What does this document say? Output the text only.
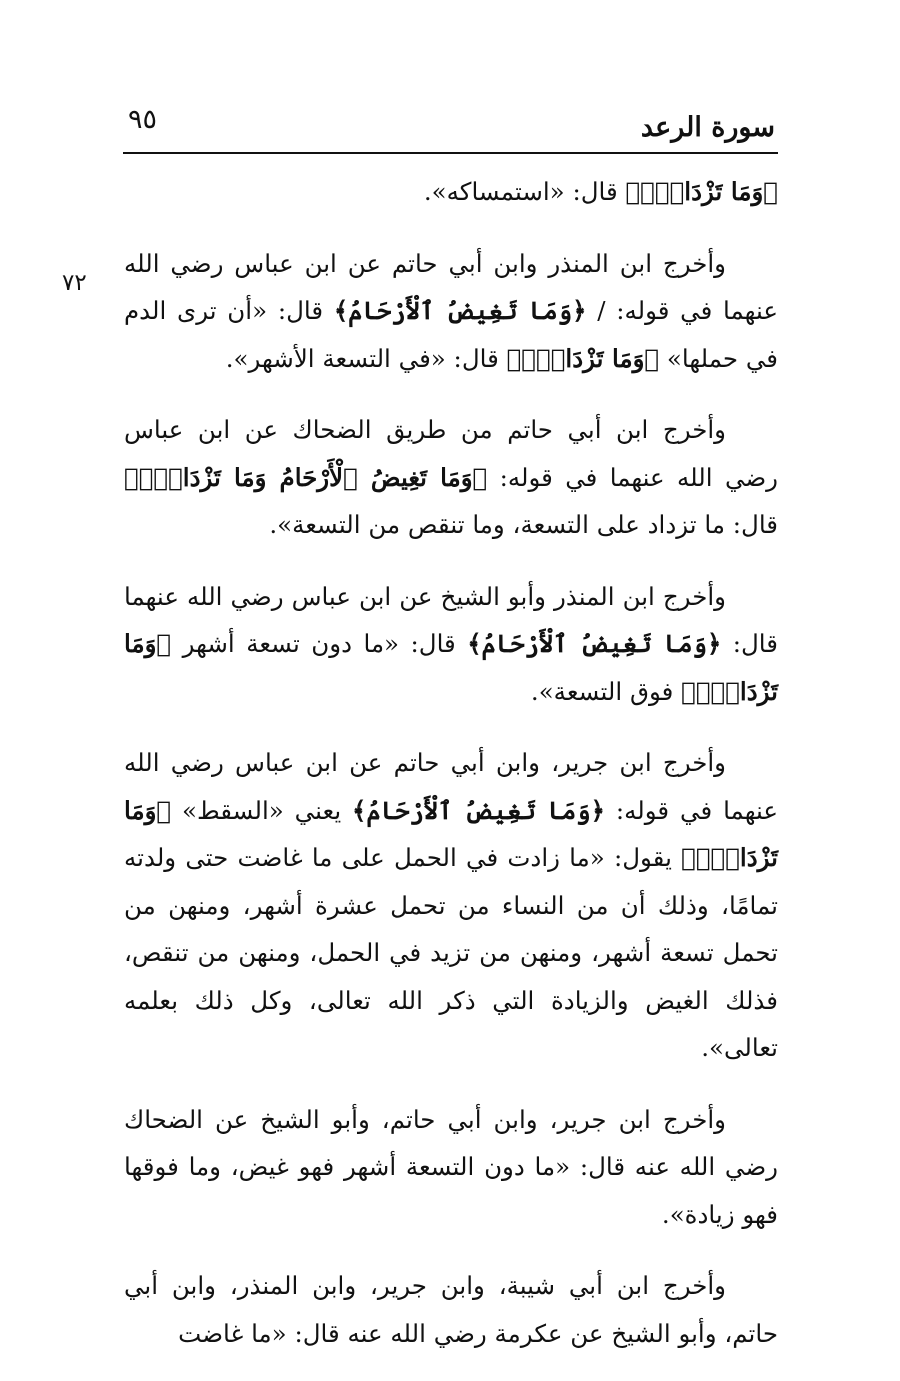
سورة الرعد
٩٥
٧٢

﴿وَمَا تَزْدَادُۚ﴾ قال: «استمساكه».

وأخرج ابن المنذر وابن أبي حاتم عن ابن عباس رضي الله عنهما في قوله: / ﴿وَمَا تَغِيضُ ٱلْأَرْحَامُ﴾ قال: «أن ترى الدم في حملها» ﴿وَمَا تَزْدَادُۚ﴾ قال: «في التسعة الأشهر».

وأخرج ابن أبي حاتم من طريق الضحاك عن ابن عباس رضي الله عنهما في قوله: ﴿وَمَا تَغِيضُ ٱلْأَرْحَامُ وَمَا تَزْدَادُۚ﴾ قال: ما تزداد على التسعة، وما تنقص من التسعة».

وأخرج ابن المنذر وأبو الشيخ عن ابن عباس رضي الله عنهما قال: ﴿وَمَا تَغِيضُ ٱلْأَرْحَامُ﴾ قال: «ما دون تسعة أشهر ﴿وَمَا تَزْدَادُۚ﴾ فوق التسعة».

وأخرج ابن جرير، وابن أبي حاتم عن ابن عباس رضي الله عنهما في قوله: ﴿وَمَا تَغِيضُ ٱلْأَرْحَامُ﴾ يعني «السقط» ﴿وَمَا تَزْدَادُۚ﴾ يقول: «ما زادت في الحمل على ما غاضت حتى ولدته تمامًا، وذلك أن من النساء من تحمل عشرة أشهر، ومنهن من تحمل تسعة أشهر، ومنهن من تزيد في الحمل، ومنهن من تنقص، فذلك الغيض والزيادة التي ذكر الله تعالى، وكل ذلك بعلمه تعالى».

وأخرج ابن جرير، وابن أبي حاتم، وأبو الشيخ عن الضحاك رضي الله عنه قال: «ما دون التسعة أشهر فهو غيض، وما فوقها فهو زيادة».

وأخرج ابن أبي شيبة، وابن جرير، وابن المنذر، وابن أبي حاتم، وأبو الشيخ عن عكرمة رضي الله عنه قال: «ما غاضت
